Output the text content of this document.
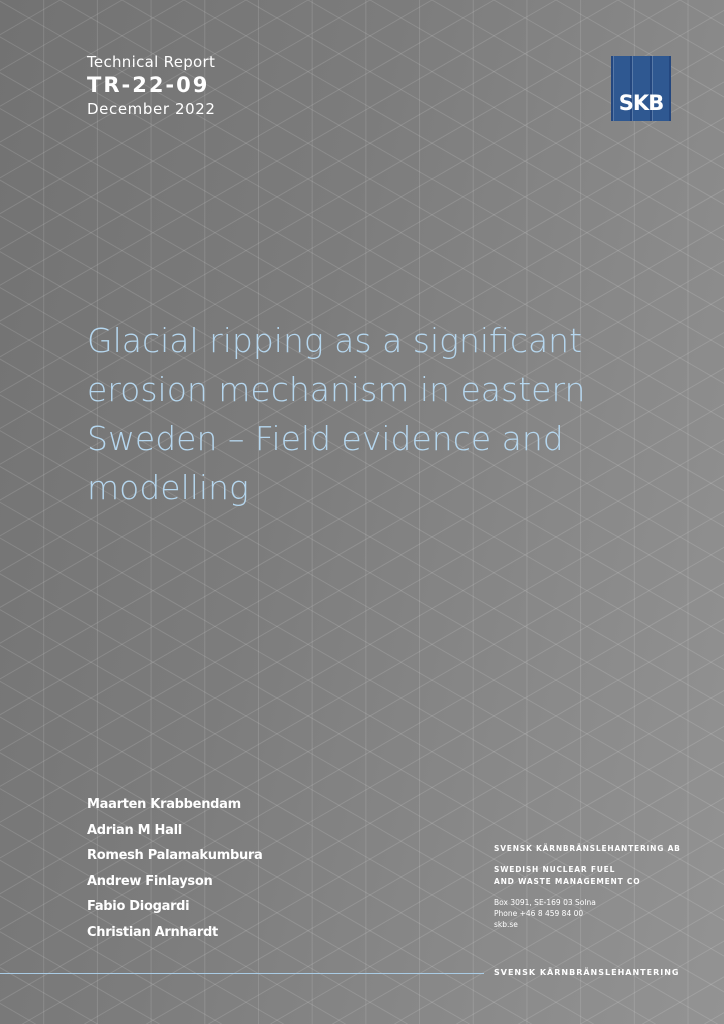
Technical Report
TR-22-09
December 2022	SKB
Glacial ripping as a significant erosion mechanism in eastern Sweden – Field evidence and modelling
Maarten Krabbendam
Adrian M Hall
Romesh Palamakumbura
Andrew Finlayson
Fabio Diogardi
Christian Arnhardt
SVENSK KÄRNBRÄNSLEHANTERING AB
SWEDISH NUCLEAR FUEL
AND WASTE MANAGEMENT CO
Box 3091, SE-169 03 Solna
Phone +46 8 459 84 00
skb.se
SVENSK KÄRNBRÄNSLEHANTERING
